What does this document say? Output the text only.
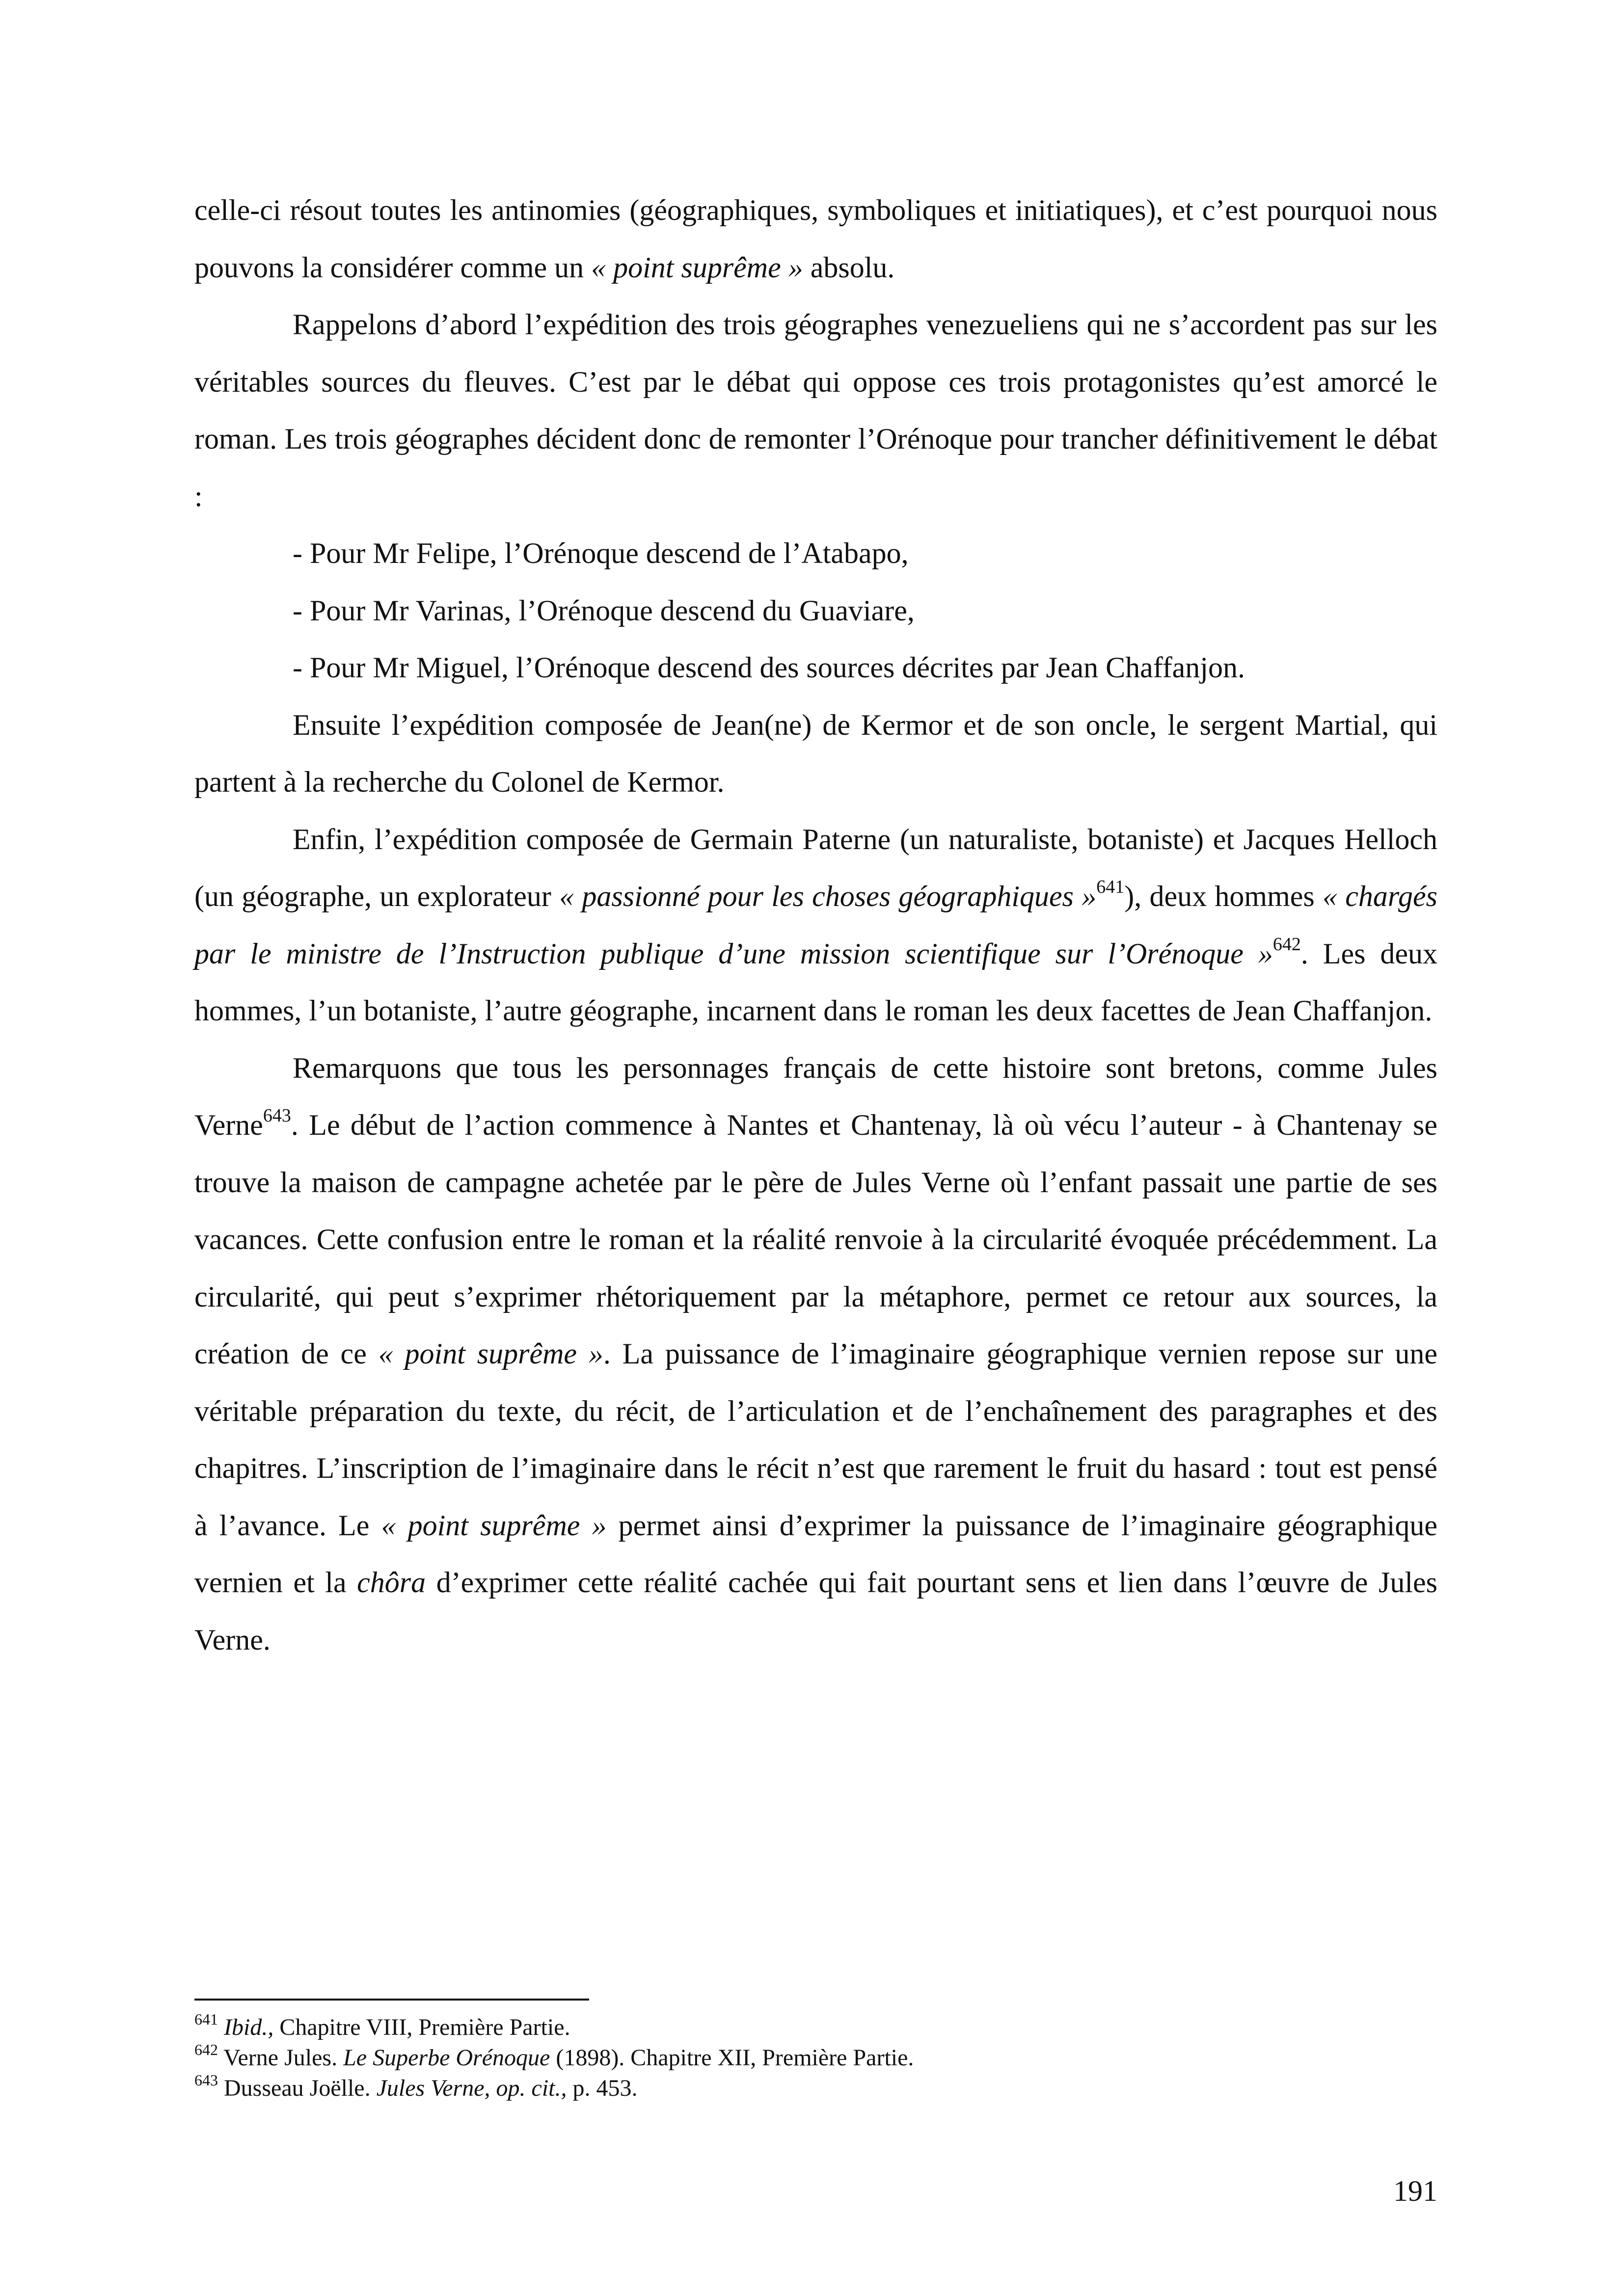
celle-ci résout toutes les antinomies (géographiques, symboliques et initiatiques), et c’est pourquoi nous pouvons la considérer comme un « point suprême » absolu.

Rappelons d’abord l’expédition des trois géographes venezueliens qui ne s’accordent pas sur les véritables sources du fleuves. C’est par le débat qui oppose ces trois protagonistes qu’est amorcé le roman. Les trois géographes décident donc de remonter l’Orénoque pour trancher définitivement le débat :

- Pour Mr Felipe, l’Orénoque descend de l’Atabapo,

- Pour Mr Varinas, l’Orénoque descend du Guaviare,

- Pour Mr Miguel, l’Orénoque descend des sources décrites par Jean Chaffanjon.

Ensuite l’expédition composée de Jean(ne) de Kermor et de son oncle, le sergent Martial, qui partent à la recherche du Colonel de Kermor.

Enfin, l’expédition composée de Germain Paterne (un naturaliste, botaniste) et Jacques Helloch (un géographe, un explorateur « passionné pour les choses géographiques »$^{641}$), deux hommes « chargés par le ministre de l’Instruction publique d’une mission scientifique sur l’Orénoque »$^{642}$. Les deux hommes, l’un botaniste, l’autre géographe, incarnent dans le roman les deux facettes de Jean Chaffanjon.

Remarquons que tous les personnages français de cette histoire sont bretons, comme Jules Verne$^{643}$. Le début de l’action commence à Nantes et Chantenay, là où vécu l’auteur - à Chantenay se trouve la maison de campagne achetée par le père de Jules Verne où l’enfant passait une partie de ses vacances. Cette confusion entre le roman et la réalité renvoie à la circularité évoquée précédemment. La circularité, qui peut s’exprimer rhétoriquement par la métaphore, permet ce retour aux sources, la création de ce « point suprême ». La puissance de l’imaginaire géographique vernien repose sur une véritable préparation du texte, du récit, de l’articulation et de l’enchaînement des paragraphes et des chapitres. L’inscription de l’imaginaire dans le récit n’est que rarement le fruit du hasard : tout est pensé à l’avance. Le « point suprême » permet ainsi d’exprimer la puissance de l’imaginaire géographique vernien et la chôra d’exprimer cette réalité cachée qui fait pourtant sens et lien dans l’œuvre de Jules Verne.

$^{641}$ Ibid., Chapitre VIII, Première Partie.

$^{642}$ Verne Jules. Le Superbe Orénoque (1898). Chapitre XII, Première Partie.

$^{643}$ Dusseau Joëlle. Jules Verne, op. cit., p. 453.

191
